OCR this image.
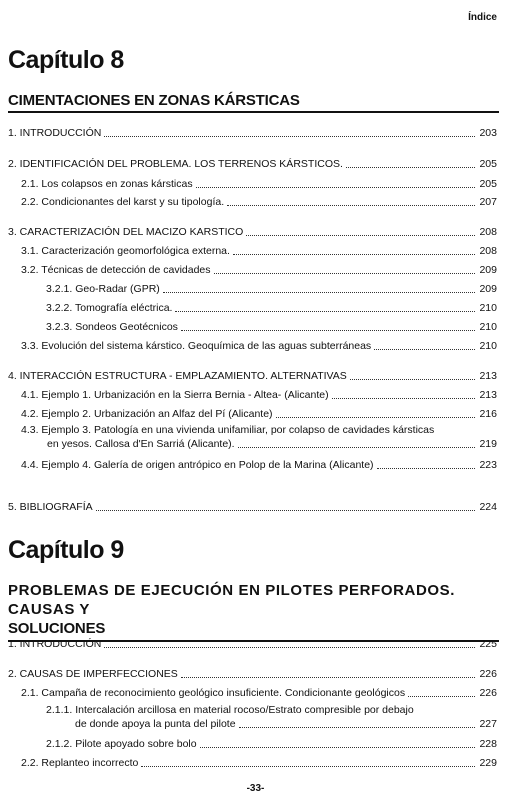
Índice
Capítulo 8
CIMENTACIONES EN ZONAS KÁRSTICAS
1. INTRODUCCIÓN	203
2. IDENTIFICACIÓN DEL PROBLEMA. LOS TERRENOS KÁRSTICOS.	205
2.1. Los colapsos en zonas kársticas	205
2.2. Condicionantes del karst y su tipología.	207
3. CARACTERIZACIÓN DEL MACIZO KARSTICO	208
3.1. Caracterización geomorfológica externa.	208
3.2. Técnicas de detección de cavidades	209
3.2.1. Geo-Radar (GPR)	209
3.2.2. Tomografía eléctrica.	210
3.2.3. Sondeos Geotécnicos	210
3.3. Evolución del sistema kárstico. Geoquímica de las aguas subterráneas	210
4. INTERACCIÓN ESTRUCTURA - EMPLAZAMIENTO. ALTERNATIVAS	213
4.1. Ejemplo 1. Urbanización en la Sierra Bernia - Altea- (Alicante)	213
4.2. Ejemplo 2. Urbanización an Alfaz del Pí (Alicante)	216
4.3. Ejemplo 3. Patología en una vivienda unifamiliar, por colapso de cavidades kársticas
en yesos. Callosa d'En Sarriá (Alicante).	219
4.4. Ejemplo 4. Galería de origen antrópico en Polop de la Marina (Alicante)	223
5. BIBLIOGRAFÍA	224
Capítulo 9
PROBLEMAS DE EJECUCIÓN EN PILOTES PERFORADOS. CAUSAS Y
SOLUCIONES
1. INTRODUCCIÓN	225
2. CAUSAS DE IMPERFECCIONES	226
2.1. Campaña de reconocimiento geológico insuficiente. Condicionante geológicos	226
2.1.1. Intercalación arcillosa en material rocoso/Estrato compresible por debajo
de donde apoya la punta del pilote	227
2.1.2. Pilote apoyado sobre bolo	228
2.2. Replanteo incorrecto	229
-33-
